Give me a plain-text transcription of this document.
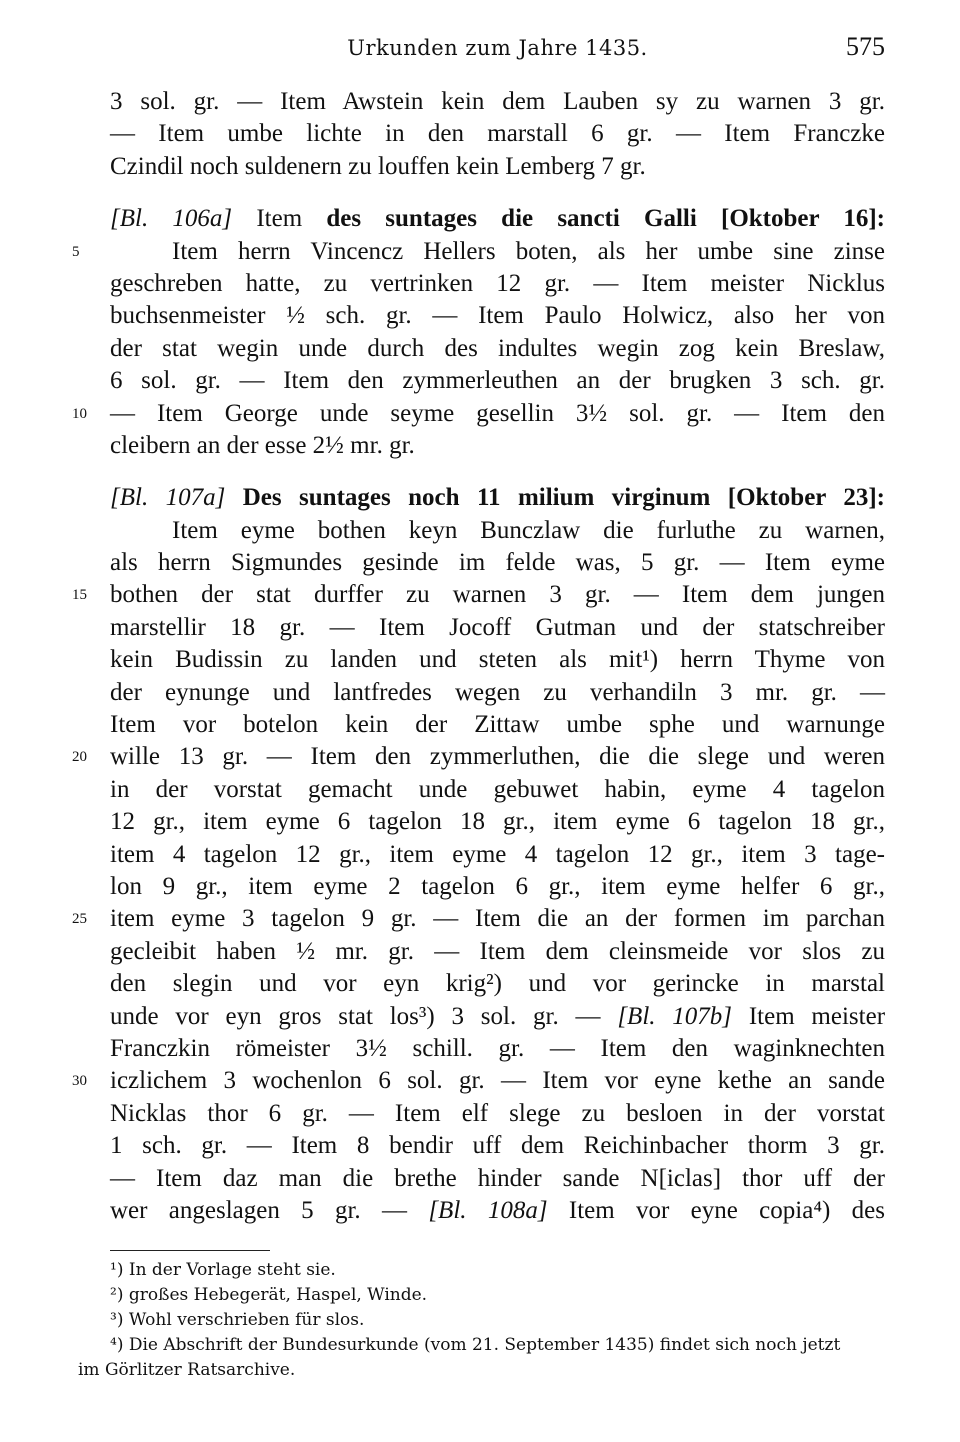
Urkunden zum Jahre 1435.	575
3 sol. gr. — Item Awstein kein dem Lauben sy zu warnen 3 gr.
— Item umbe lichte in den marstall 6 gr. — Item Franczke
Czindil noch suldenern zu louffen kein Lemberg 7 gr.
[Bl. 106a] Item des suntages die sancti Galli [Oktober 16]:
5	Item herrn Vincencz Hellers boten, als her umbe sine zinse
geschreben hatte, zu vertrinken 12 gr. — Item meister Nicklus
buchsenmeister ½ sch. gr. — Item Paulo Holwicz, also her von
der stat wegin unde durch des indultes wegin zog kein Breslaw,
6 sol. gr. — Item den zymmerleuthen an der brugken 3 sch. gr.
10 — Item George unde seyme gesellin 3½ sol. gr. — Item den
cleibern an der esse 2½ mr. gr.
[Bl. 107a] Des suntages noch 11 milium virginum [Oktober 23]:
Item eyme bothen keyn Bunczlaw die furluthe zu warnen,
als herrn Sigmundes gesinde im felde was, 5 gr. — Item eyme
15 bothen der stat durffer zu warnen 3 gr. — Item dem jungen
marstellir 18 gr. — Item Jocoff Gutman und der statschreiber
kein Budissin zu landen und steten als mit¹) herrn Thyme von
der eynunge und lantfredes wegen zu verhandiln 3 mr. gr. —
Item vor botelon kein der Zittaw umbe sphe und warnunge
20 wille 13 gr. — Item den zymmerluthen, die die slege und weren
in der vorstat gemacht unde gebuwet habin, eyme 4 tagelon
12 gr., item eyme 6 tagelon 18 gr., item eyme 6 tagelon 18 gr.,
item 4 tagelon 12 gr., item eyme 4 tagelon 12 gr., item 3 tage-
lon 9 gr., item eyme 2 tagelon 6 gr., item eyme helfer 6 gr.,
25 item eyme 3 tagelon 9 gr. — Item die an der formen im parchan
gecleibit haben ½ mr. gr. — Item dem cleinsmeide vor slos zu
den slegin und vor eyn krig²) und vor gerincke in marstal
unde vor eyn gros stat los³) 3 sol. gr. — [Bl. 107b] Item meister
Franczkin römeister 3½ schill. gr. — Item den waginknechten
30 iczlichem 3 wochenlon 6 sol. gr. — Item vor eyne kethe an sande
Nicklas thor 6 gr. — Item elf slege zu besloen in der vorstat
1 sch. gr. — Item 8 bendir uff dem Reichinbacher thorm 3 gr.
— Item daz man die brethe hinder sande N[iclas] thor uff der
wer angeslagen 5 gr. — [Bl. 108a] Item vor eyne copia⁴) des
¹) In der Vorlage steht sie.
²) großes Hebegerät, Haspel, Winde.
³) Wohl verschrieben für slos.
⁴) Die Abschrift der Bundesurkunde (vom 21. September 1435) findet sich noch jetzt
im Görlitzer Ratsarchive.
